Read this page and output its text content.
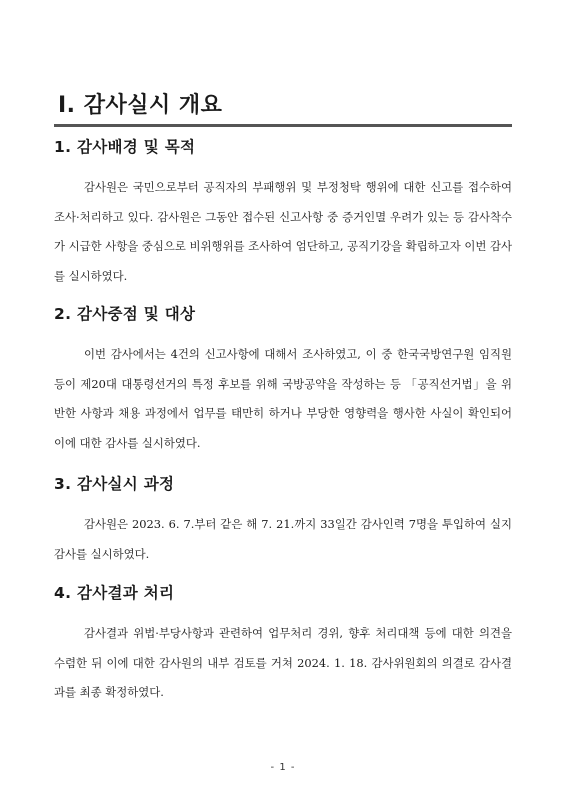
Ⅰ. 감사실시 개요
1. 감사배경 및 목적

감사원은 국민으로부터 공직자의 부패행위 및 부정청탁 행위에 대한 신고를 접수하여 조사·처리하고 있다. 감사원은 그동안 접수된 신고사항 중 증거인멸 우려가 있는 등 감사착수가 시급한 사항을 중심으로 비위행위를 조사하여 엄단하고, 공직기강을 확립하고자 이번 감사를 실시하였다.

2. 감사중점 및 대상

이번 감사에서는 4건의 신고사항에 대해서 조사하였고, 이 중 한국국방연구원 임직원 등이 제20대 대통령선거의 특정 후보를 위해 국방공약을 작성하는 등 「공직선거법」을 위반한 사항과 채용 과정에서 업무를 태만히 하거나 부당한 영향력을 행사한 사실이 확인되어 이에 대한 감사를 실시하였다.

3. 감사실시 과정

감사원은 2023. 6. 7.부터 같은 해 7. 21.까지 33일간 감사인력 7명을 투입하여 실지감사를 실시하였다.

4. 감사결과 처리

감사결과 위법·부당사항과 관련하여 업무처리 경위, 향후 처리대책 등에 대한 의견을 수렴한 뒤 이에 대한 감사원의 내부 검토를 거쳐 2024. 1. 18. 감사위원회의 의결로 감사결과를 최종 확정하였다.

- 1 -
